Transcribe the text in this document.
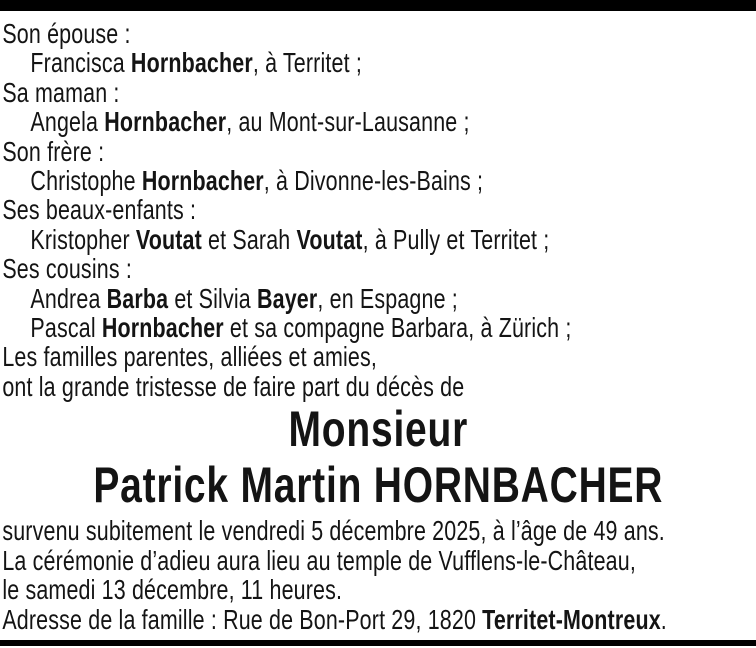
Son épouse :
Francisca Hornbacher, à Territet ;
Sa maman :
Angela Hornbacher, au Mont-sur-Lausanne ;
Son frère :
Christophe Hornbacher, à Divonne-les-Bains ;
Ses beaux-enfants :
Kristopher Voutat et Sarah Voutat, à Pully et Territet ;
Ses cousins :
Andrea Barba et Silvia Bayer, en Espagne ;
Pascal Hornbacher et sa compagne Barbara, à Zürich ;
Les familles parentes, alliées et amies,
ont la grande tristesse de faire part du décès de
Monsieur
Patrick Martin HORNBACHER
survenu subitement le vendredi 5 décembre 2025, à l’âge de 49 ans.
La cérémonie d’adieu aura lieu au temple de Vufflens-le-Château,
le samedi 13 décembre, 11 heures.
Adresse de la famille : Rue de Bon-Port 29, 1820 Territet-Montreux.
